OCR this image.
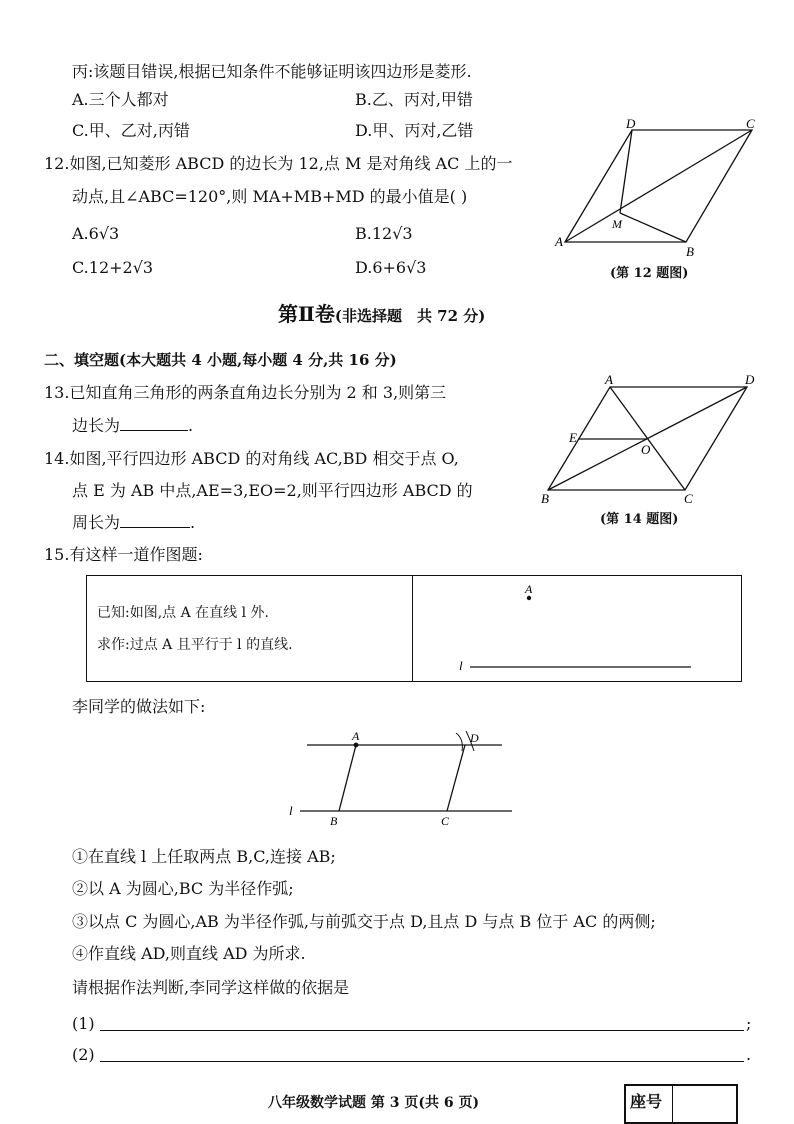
丙:该题目错误,根据已知条件不能够证明该四边形是菱形.
A.三个人都对	B.乙、丙对,甲错
C.甲、乙对,丙错	D.甲、丙对,乙错
12.如图,已知菱形 ABCD 的边长为 12,点 M 是对角线 AC 上的一
动点,且∠ABC=120°,则 MA+MB+MD 的最小值是( )
A.6√3	B.12√3
C.12+2√3	D.6+6√3
A
B
C
D
M
(第 12 题图)
第Ⅱ卷(非选择题　共 72 分)
二、填空题(本大题共 4 小题,每小题 4 分,共 16 分)
13.已知直角三角形的两条直角边长分别为 2 和 3,则第三
边长为	.
14.如图,平行四边形 ABCD 的对角线 AC,BD 相交于点 O,
点 E 为 AB 中点,AE=3,EO=2,则平行四边形 ABCD 的
周长为	.
A
B	C
D
E
O
(第 14 题图)
15.有这样一道作图题:
已知:如图,点 A 在直线 l 外.
求作:过点 A 且平行于 l 的直线.
A
l
李同学的做法如下:
A	D
B	C
l
①在直线 l 上任取两点 B,C,连接 AB;
②以 A 为圆心,BC 为半径作弧;
③以点 C 为圆心,AB 为半径作弧,与前弧交于点 D,且点 D 与点 B 位于 AC 的两侧;
④作直线 AD,则直线 AD 为所求.
请根据作法判断,李同学这样做的依据是
(1)	;
(2)	.
八年级数学试题 第 3 页(共 6 页)	座号
